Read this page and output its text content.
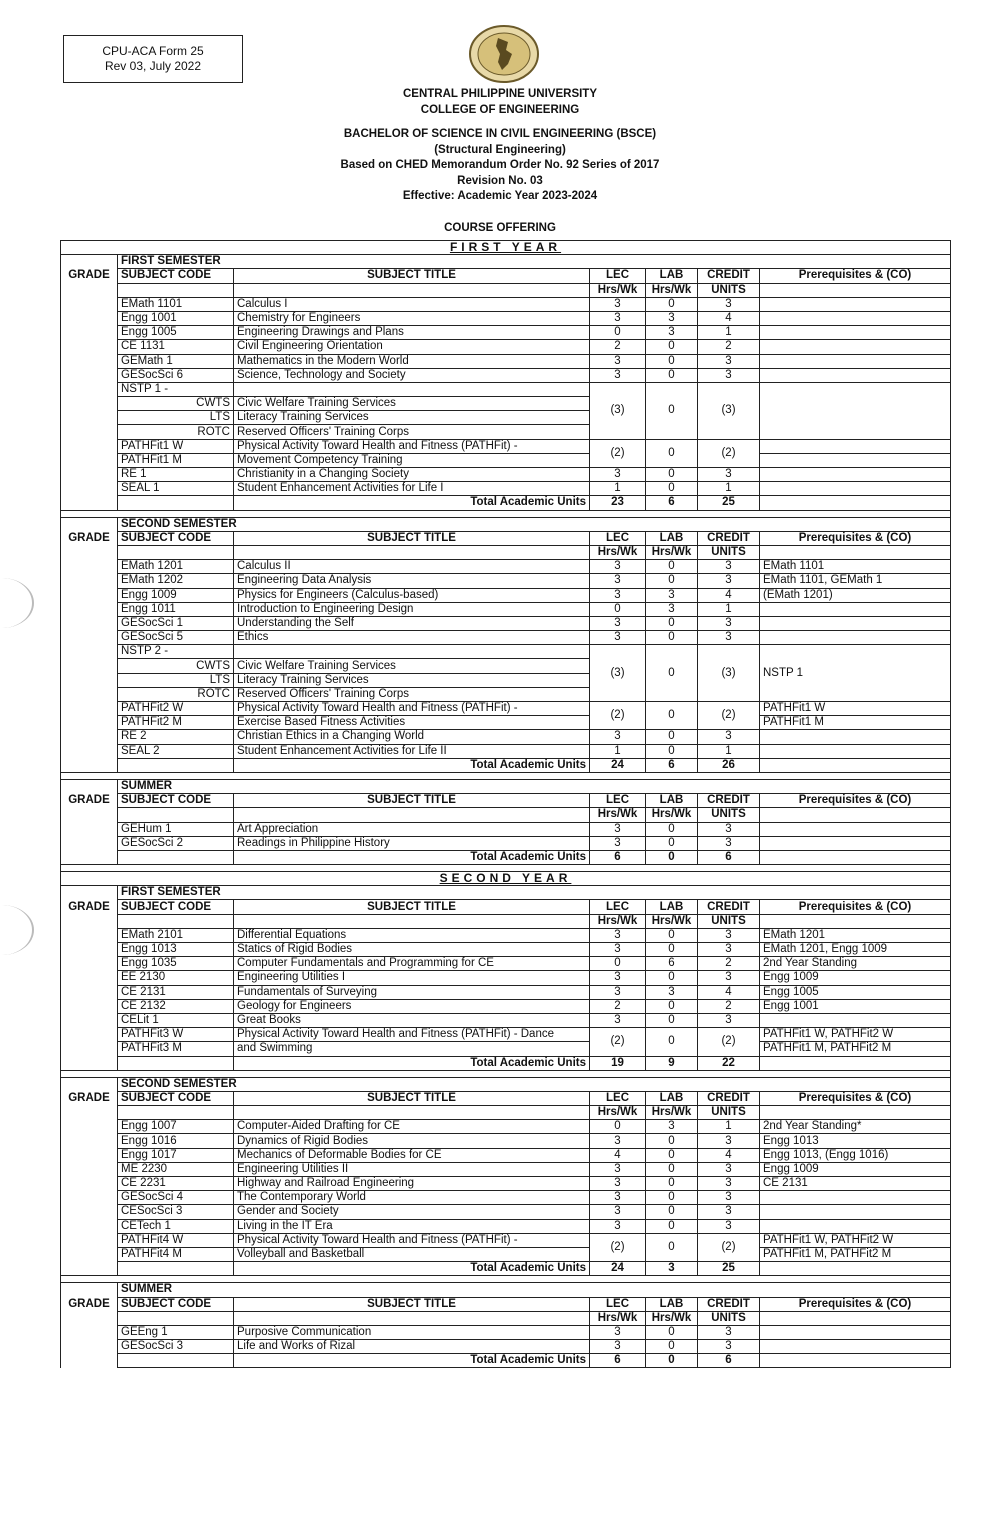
CPU-ACA Form 25
Rev 03, July 2022
CENTRAL PHILIPPINE UNIVERSITY
COLLEGE OF ENGINEERING
BACHELOR OF SCIENCE IN CIVIL ENGINEERING (BSCE)
(Structural Engineering)
Based on CHED Memorandum Order No. 92 Series of 2017
Revision No. 03
Effective: Academic Year 2023-2024
COURSE OFFERING
FIRST YEAR						
	FIRST SEMESTER					
GRADE	SUBJECT CODE	SUBJECT TITLE	LEC	LAB	CREDIT	Prerequisites & (CO)
			Hrs/Wk	Hrs/Wk	UNITS	
	EMath 1101	Calculus I	3	0	3	
	Engg 1001	Chemistry for Engineers	3	3	4	
	Engg 1005	Engineering Drawings and Plans	0	3	1	
	CE 1131	Civil Engineering Orientation	2	0	2	
	GEMath 1	Mathematics in the Modern World	3	0	3	
	GESocSci 6	Science, Technology and Society	3	0	3	
	NSTP 1 -		(3)	0	(3)	
	CWTS	Civic Welfare Training Services				
	LTS	Literacy Training Services				
	ROTC	Reserved Officers' Training Corps				
	PATHFit1 W	Physical Activity Toward Health and Fitness (PATHFit) -	(2)	0	(2)	
	PATHFit1 M	Movement Competency Training				
	RE 1	Christianity in a Changing Society	3	0	3	
	SEAL 1	Student Enhancement Activities for Life I	1	0	1	
		Total Academic Units	23	6	25	

	SECOND SEMESTER					
GRADE	SUBJECT CODE	SUBJECT TITLE	LEC	LAB	CREDIT	Prerequisites & (CO)
			Hrs/Wk	Hrs/Wk	UNITS	
	EMath 1201	Calculus II	3	0	3	EMath 1101
	EMath 1202	Engineering Data Analysis	3	0	3	EMath 1101, GEMath 1
	Engg 1009	Physics for Engineers (Calculus-based)	3	3	4	(EMath 1201)
	Engg 1011	Introduction to Engineering Design	0	3	1	
	GESocSci 1	Understanding the Self	3	0	3	
	GESocSci 5	Ethics	3	0	3	
	NSTP 2 -		(3)	0	(3)	NSTP 1
	CWTS	Civic Welfare Training Services				
	LTS	Literacy Training Services				
	ROTC	Reserved Officers' Training Corps				
	PATHFit2 W	Physical Activity Toward Health and Fitness (PATHFit) -	(2)	0	(2)	PATHFit1 W
	PATHFit2 M	Exercise Based Fitness Activities				PATHFit1 M
	RE 2	Christian Ethics in a Changing World	3	0	3	
	SEAL 2	Student Enhancement Activities for Life II	1	0	1	
		Total Academic Units	24	6	26	

	SUMMER					
GRADE	SUBJECT CODE	SUBJECT TITLE	LEC	LAB	CREDIT	Prerequisites & (CO)
			Hrs/Wk	Hrs/Wk	UNITS	
	GEHum 1	Art Appreciation	3	0	3	
	GESocSci 2	Readings in Philippine History	3	0	3	
		Total Academic Units	6	0	6	

SECOND YEAR						
	FIRST SEMESTER					
GRADE	SUBJECT CODE	SUBJECT TITLE	LEC	LAB	CREDIT	Prerequisites & (CO)
			Hrs/Wk	Hrs/Wk	UNITS	
	EMath 2101	Differential Equations	3	0	3	EMath 1201
	Engg 1013	Statics of Rigid Bodies	3	0	3	EMath 1201, Engg 1009
	Engg 1035	Computer Fundamentals and Programming for CE	0	6	2	2nd Year Standing
	EE 2130	Engineering Utilities I	3	0	3	Engg 1009
	CE 2131	Fundamentals of Surveying	3	3	4	Engg 1005
	CE 2132	Geology for Engineers	2	0	2	Engg 1001
	CELit 1	Great Books	3	0	3	
	PATHFit3 W	Physical Activity Toward Health and Fitness (PATHFit) - Dance	(2)	0	(2)	PATHFit1 W, PATHFit2 W
	PATHFit3 M	and Swimming				PATHFit1 M, PATHFit2 M
		Total Academic Units	19	9	22	

	SECOND SEMESTER					
GRADE	SUBJECT CODE	SUBJECT TITLE	LEC	LAB	CREDIT	Prerequisites & (CO)
			Hrs/Wk	Hrs/Wk	UNITS	
	Engg 1007	Computer-Aided Drafting for CE	0	3	1	2nd Year Standing*
	Engg 1016	Dynamics of Rigid Bodies	3	0	3	Engg 1013
	Engg 1017	Mechanics of Deformable Bodies for CE	4	0	4	Engg 1013, (Engg 1016)
	ME 2230	Engineering Utilities II	3	0	3	Engg 1009
	CE 2231	Highway and Railroad Engineering	3	0	3	CE 2131
	GESocSci 4	The Contemporary World	3	0	3	
	CESocSci 3	Gender and Society	3	0	3	
	CETech 1	Living in the IT Era	3	0	3	
	PATHFit4 W	Physical Activity Toward Health and Fitness (PATHFit) -	(2)	0	(2)	PATHFit1 W, PATHFit2 W
	PATHFit4 M	Volleyball and Basketball				PATHFit1 M, PATHFit2 M
		Total Academic Units	24	3	25	

	SUMMER					
GRADE	SUBJECT CODE	SUBJECT TITLE	LEC	LAB	CREDIT	Prerequisites & (CO)
			Hrs/Wk	Hrs/Wk	UNITS	
	GEEng 1	Purposive Communication	3	0	3	
	GESocSci 3	Life and Works of Rizal	3	0	3	
		Total Academic Units	6	0	6	
